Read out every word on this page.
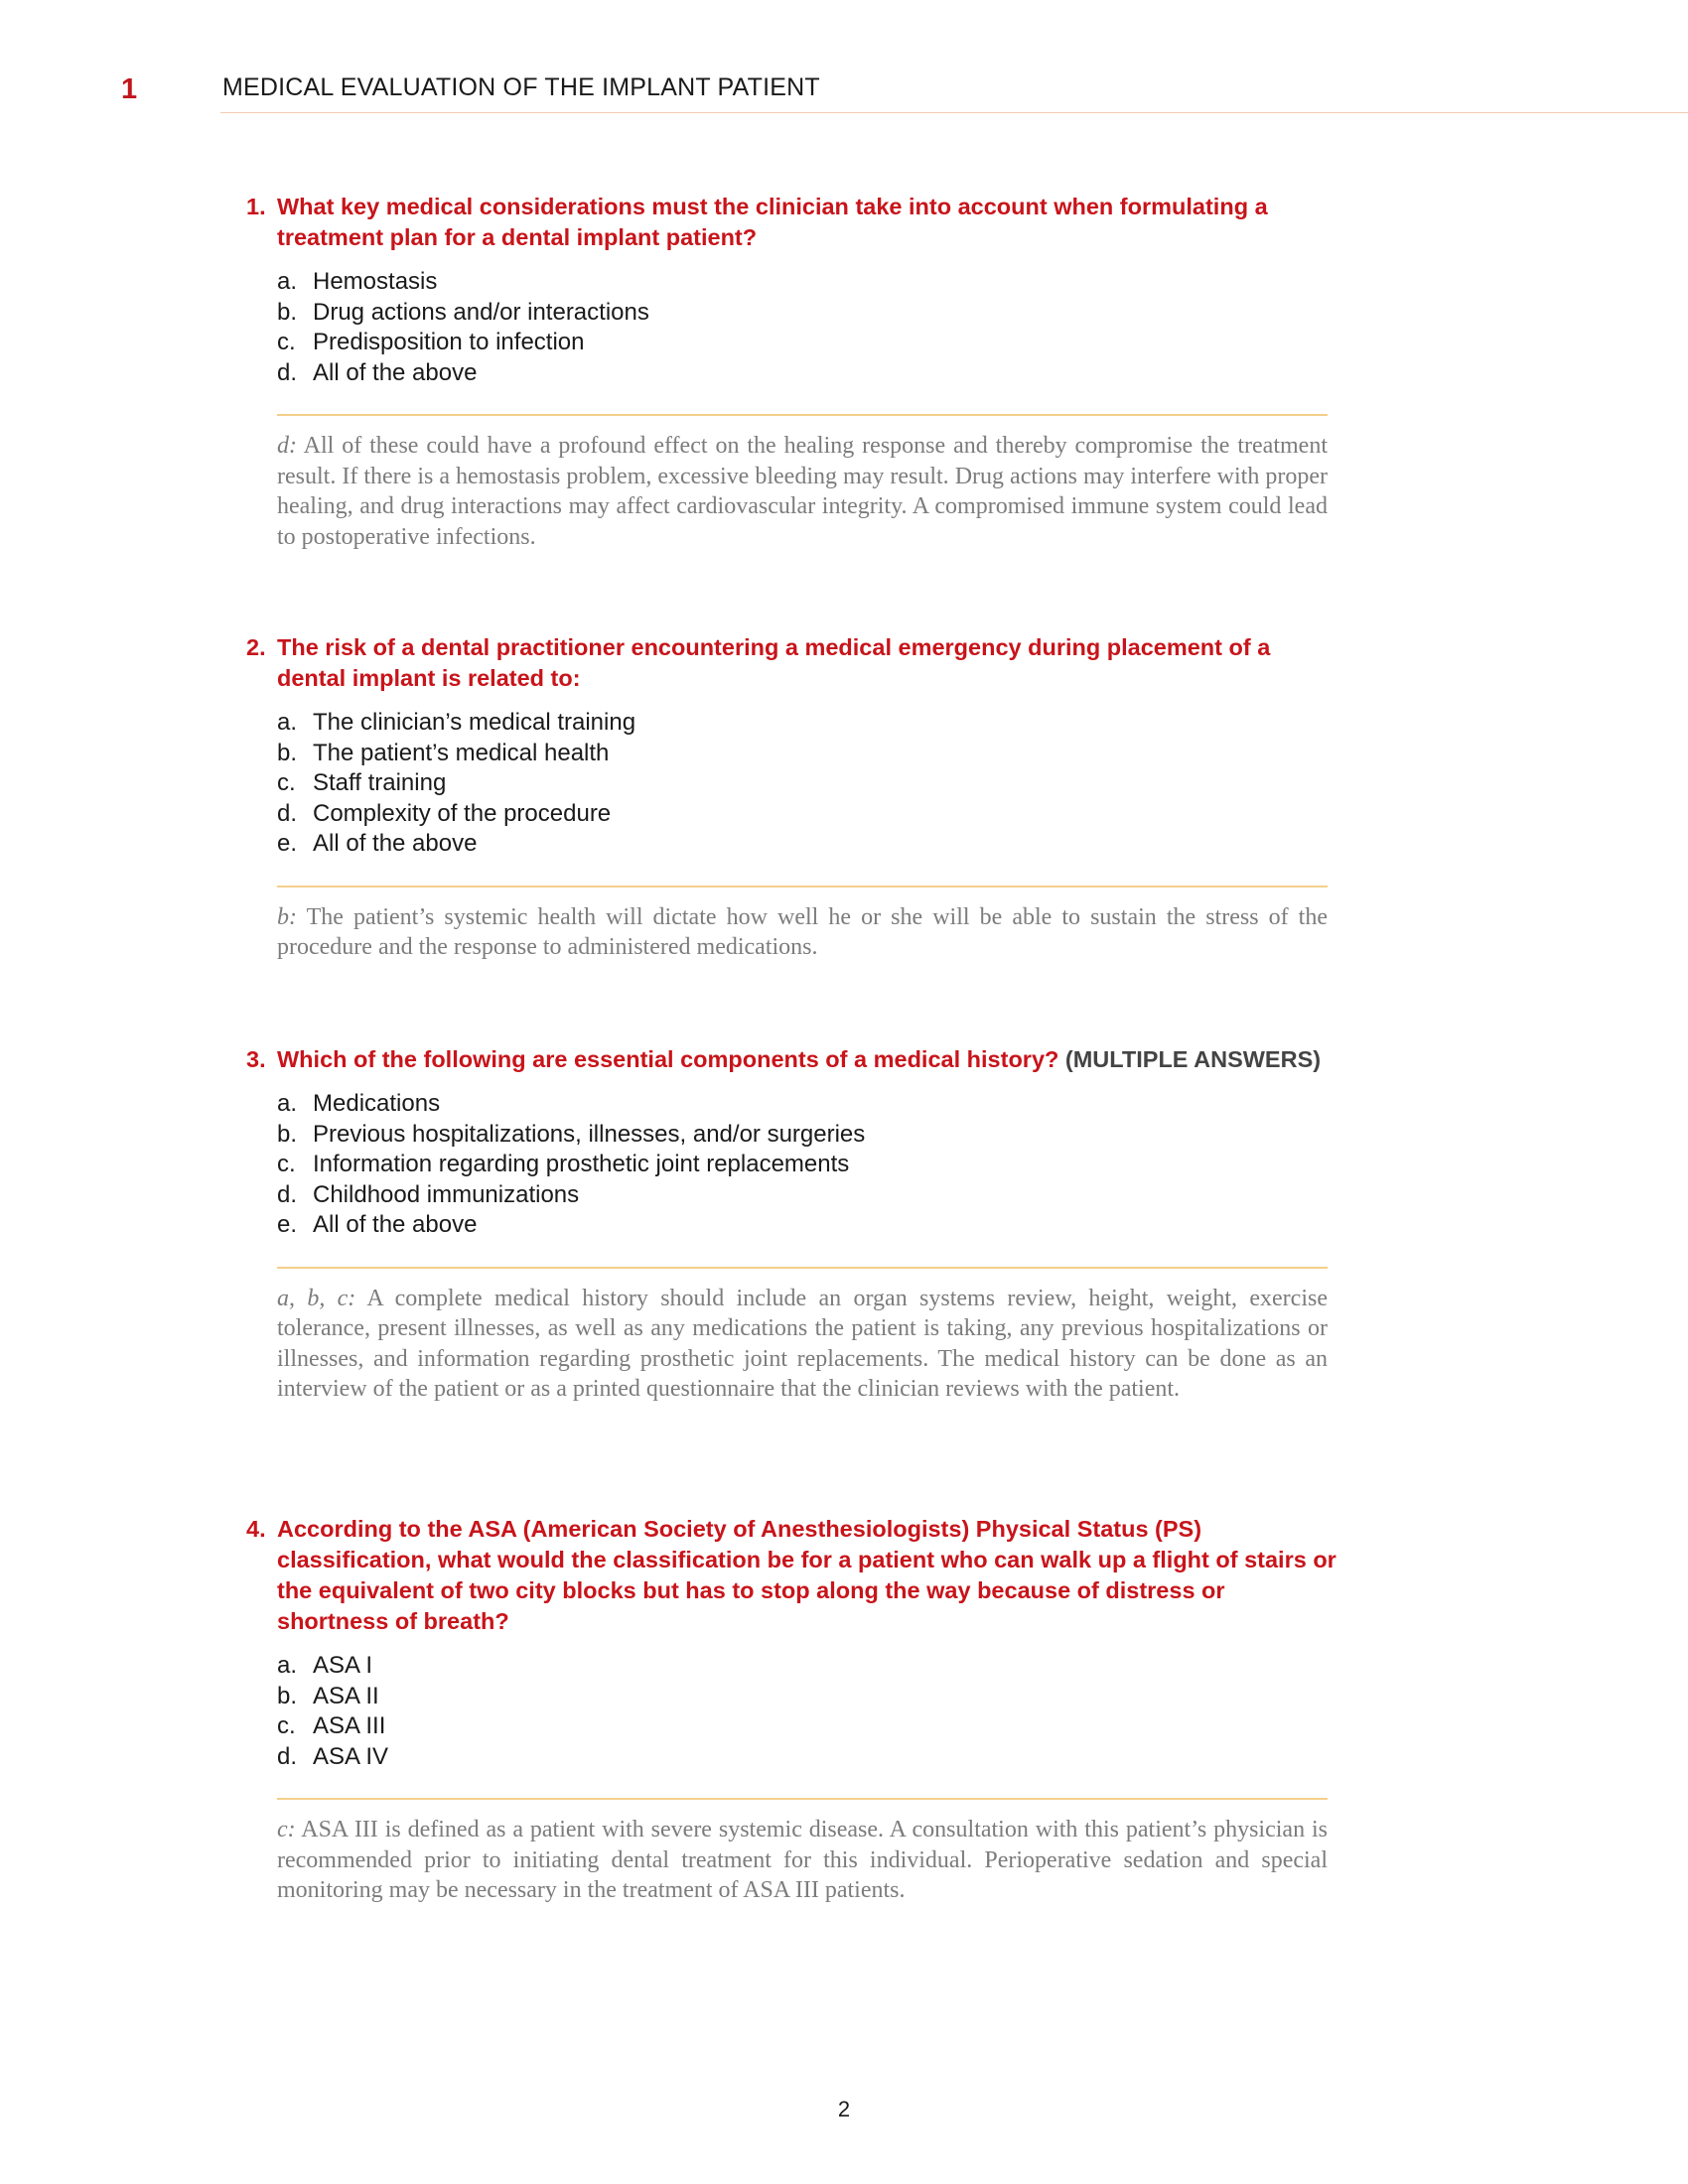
1	MEDICAL EVALUATION OF THE IMPLANT PATIENT
1. What key medical considerations must the clinician take into account when formulating a treatment plan for a dental implant patient?
a. Hemostasis
b. Drug actions and/or interactions
c. Predisposition to infection
d. All of the above
d: All of these could have a profound effect on the healing response and thereby compromise the treatment result. If there is a hemostasis problem, excessive bleeding may result. Drug actions may interfere with proper healing, and drug interactions may affect cardiovascular integrity. A compromised immune system could lead to postoperative infections.
2. The risk of a dental practitioner encountering a medical emergency during placement of a dental implant is related to:
a. The clinician’s medical training
b. The patient’s medical health
c. Staff training
d. Complexity of the procedure
e. All of the above
b: The patient’s systemic health will dictate how well he or she will be able to sustain the stress of the procedure and the response to administered medications.
3. Which of the following are essential components of a medical history? (MULTIPLE ANSWERS)
a. Medications
b. Previous hospitalizations, illnesses, and/or surgeries
c. Information regarding prosthetic joint replacements
d. Childhood immunizations
e. All of the above
a, b, c: A complete medical history should include an organ systems review, height, weight, exercise tolerance, present illnesses, as well as any medications the patient is taking, any previous hospitalizations or illnesses, and information regarding prosthetic joint replacements. The medical history can be done as an interview of the patient or as a printed questionnaire that the clinician reviews with the patient.
4. According to the ASA (American Society of Anesthesiologists) Physical Status (PS) classification, what would the classification be for a patient who can walk up a flight of stairs or the equivalent of two city blocks but has to stop along the way because of distress or shortness of breath?
a. ASA I
b. ASA II
c. ASA III
d. ASA IV
c: ASA III is defined as a patient with severe systemic disease. A consultation with this patient’s physician is recommended prior to initiating dental treatment for this individual. Perioperative sedation and special monitoring may be necessary in the treatment of ASA III patients.
2
